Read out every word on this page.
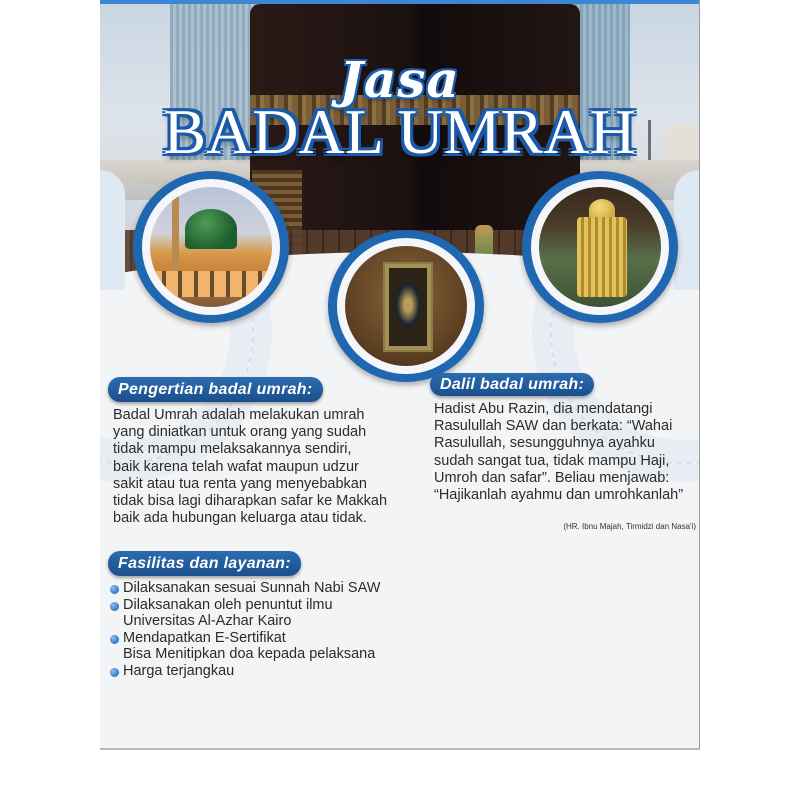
Jasa
BADAL UMRAH
Pengertian badal umrah:
Badal Umrah adalah melakukan umrah
yang diniatkan untuk orang yang sudah
tidak mampu melaksakannya sendiri,
baik karena telah wafat maupun udzur
sakit atau tua renta yang menyebabkan
tidak bisa lagi diharapkan safar ke Makkah
baik ada hubungan keluarga atau tidak.
Dalil badal umrah:
Hadist Abu Razin, dia mendatangi
Rasulullah SAW dan berkata: “Wahai
Rasulullah, sesungguhnya ayahku
sudah sangat tua, tidak mampu Haji,
Umroh dan safar”. Beliau menjawab:
“Hajikanlah ayahmu dan umrohkanlah”
(HR. Ibnu Majah, Tirmidzi dan Nasa'i)
Fasilitas dan layanan:
Dilaksanakan sesuai Sunnah Nabi SAW
Dilaksanakan oleh penuntut ilmu
Universitas Al-Azhar Kairo
Mendapatkan E-Sertifikat
Bisa Menitipkan doa kepada pelaksana
Harga terjangkau
